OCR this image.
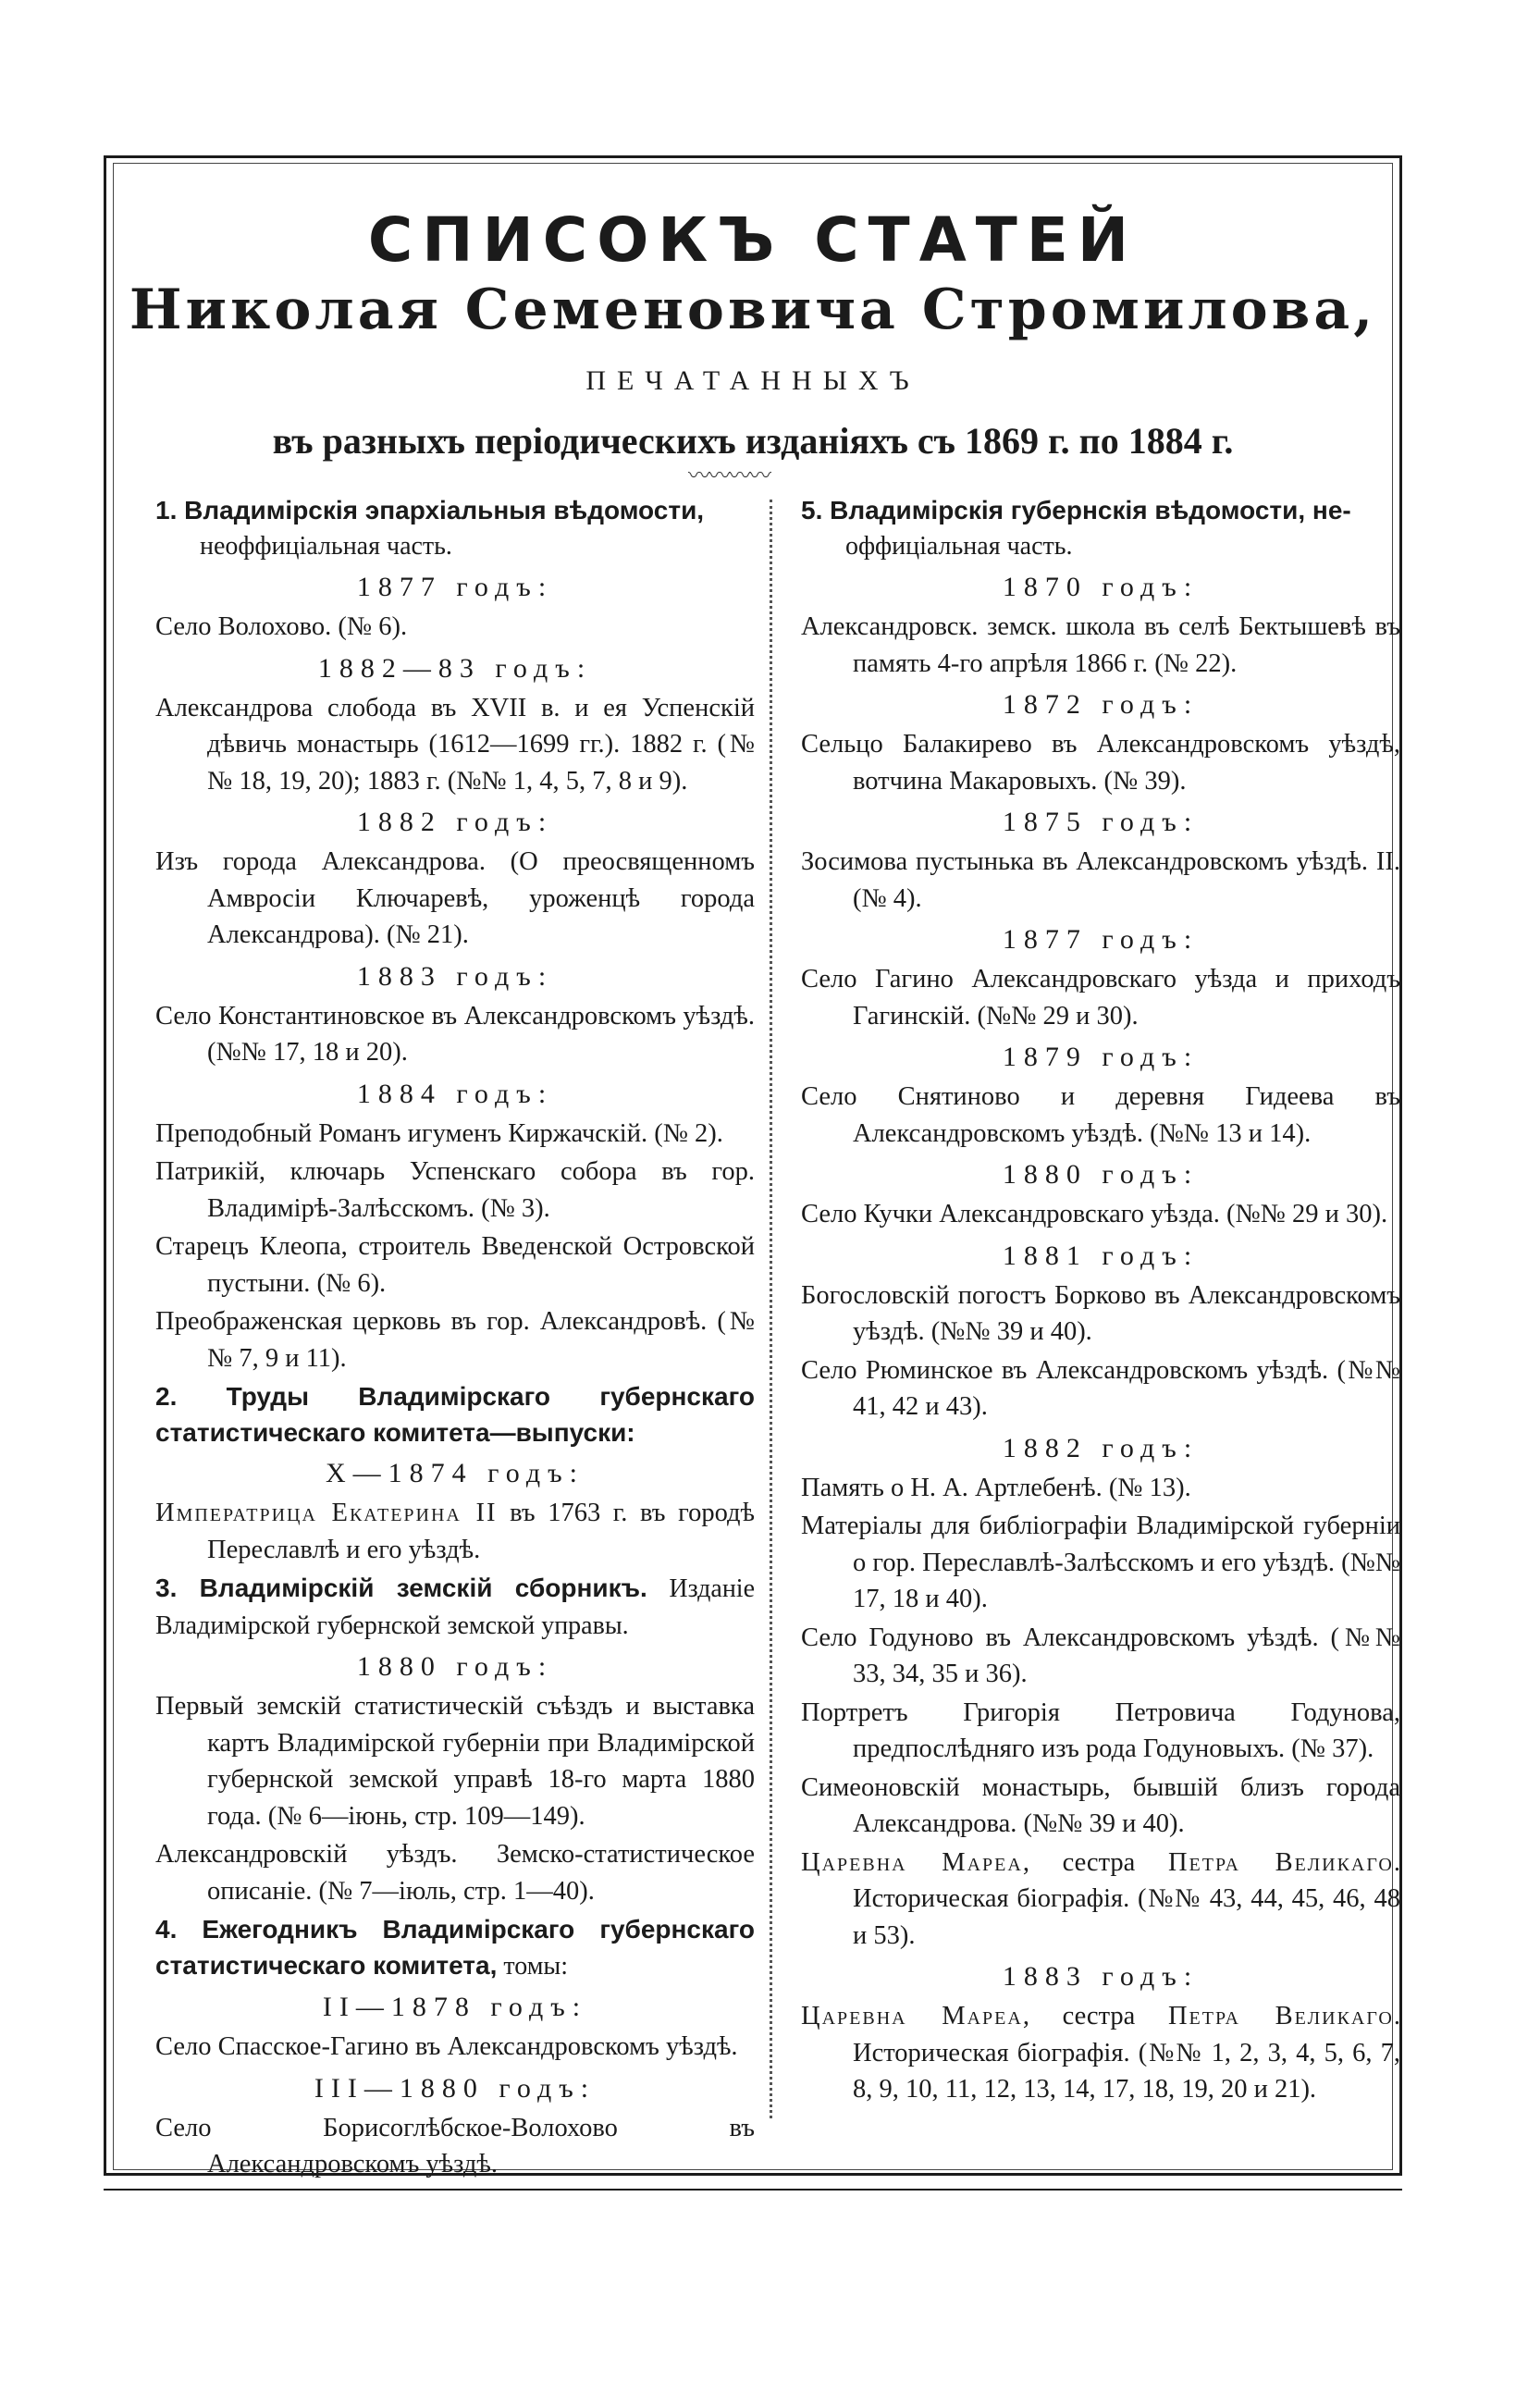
СПИСОКЪ СТАТЕЙ
Николая Семеновича Стромилова,
ПЕЧАТАННЫХЪ
въ разныхъ періодическихъ изданіяхъ съ 1869 г. по 1884 г.
〰〰〰〰
1. Владимірскія эпархіальныя вѣдомости,

неоффиціальная часть.

1877 годъ:

Село Волохово. (№ 6).

1882—83 годъ:

Александрова слобода въ XVII в. и ея Успенскій дѣвичь монастырь (1612—1699 гг.). 1882 г. (№№ 18, 19, 20); 1883 г. (№№ 1, 4, 5, 7, 8 и 9).

1882 годъ:

Изъ города Александрова. (О преосвященномъ Амвросіи Ключаревѣ, уроженцѣ города Александрова). (№ 21).

1883 годъ:

Село Константиновское въ Александровскомъ уѣздѣ. (№№ 17, 18 и 20).

1884 годъ:

Преподобный Романъ игуменъ Киржачскій. (№ 2).

Патрикій, ключарь Успенскаго собора въ гор. Владимірѣ-Залѣсскомъ. (№ 3).

Старецъ Клеопа, строитель Введенской Островской пустыни. (№ 6).

Преображенская церковь въ гор. Александровѣ. (№№ 7, 9 и 11).

2. Труды Владимірскаго губернскаго статистическаго комитета—выпуски:

X—1874 годъ:

Императрица Екатерина II въ 1763 г. въ городѣ Переславлѣ и его уѣздѣ.

3. Владимірскій земскій сборникъ. Изданіе Владимірской губернской земской управы.

1880 годъ:

Первый земскій статистическій съѣздъ и выставка картъ Владимірской губерніи при Владимірской губернской земской управѣ 18-го марта 1880 года. (№ 6—іюнь, стр. 109—149).

Александровскій уѣздъ. Земско-статистическое описаніе. (№ 7—іюль, стр. 1—40).

4. Ежегодникъ Владимірскаго губернскаго статистическаго комитета, томы:

II—1878 годъ:

Село Спасское-Гагино въ Александровскомъ уѣздѣ.

III—1880 годъ:

Село Борисоглѣбское-Волохово въ Александровскомъ уѣздѣ.

5. Владимірскія губернскія вѣдомости, не-

оффиціальная часть.

1870 годъ:

Александровск. земск. школа въ селѣ Бектышевѣ въ память 4-го апрѣля 1866 г. (№ 22).

1872 годъ:

Сельцо Балакирево въ Александровскомъ уѣздѣ, вотчина Макаровыхъ. (№ 39).

1875 годъ:

Зосимова пустынька въ Александровскомъ уѣздѣ. II. (№ 4).

1877 годъ:

Село Гагино Александровскаго уѣзда и приходъ Гагинскій. (№№ 29 и 30).

1879 годъ:

Село Снятиново и деревня Гидеева въ Александровскомъ уѣздѣ. (№№ 13 и 14).

1880 годъ:

Село Кучки Александровскаго уѣзда. (№№ 29 и 30).

1881 годъ:

Богословскій погостъ Борково въ Александровскомъ уѣздѣ. (№№ 39 и 40).

Село Рюминское въ Александровскомъ уѣздѣ. (№№ 41, 42 и 43).

1882 годъ:

Память о Н. А. Артлебенѣ. (№ 13).

Матеріалы для библіографіи Владимірской губерніи о гор. Переславлѣ-Залѣсскомъ и его уѣздѣ. (№№ 17, 18 и 40).

Село Годуново въ Александровскомъ уѣздѣ. (№№ 33, 34, 35 и 36).

Портретъ Григорія Петровича Годунова, предпослѣдняго изъ рода Годуновыхъ. (№ 37).

Симеоновскій монастырь, бывшій близъ города Александрова. (№№ 39 и 40).

Царевна Мареа, сестра Петра Великаго. Историческая біографія. (№№ 43, 44, 45, 46, 48 и 53).

1883 годъ:

Царевна Мареа, сестра Петра Великаго. Историческая біографія. (№№ 1, 2, 3, 4, 5, 6, 7, 8, 9, 10, 11, 12, 13, 14, 17, 18, 19, 20 и 21).
